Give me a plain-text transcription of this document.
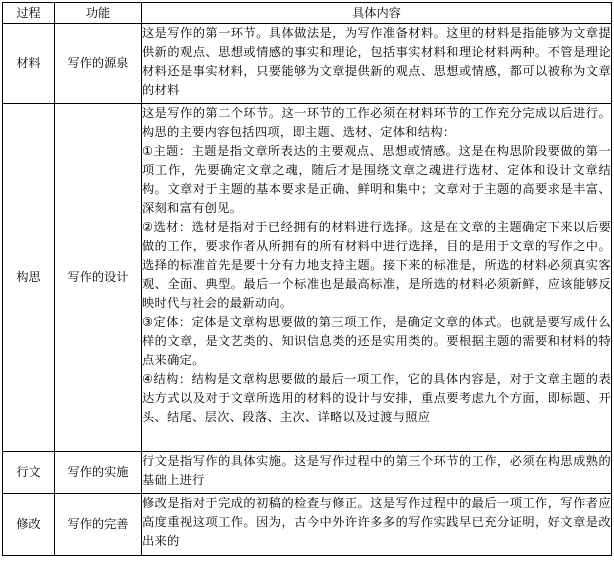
过程	功能	具体内容
材料	写作的源泉	这是写作的第一环节。具体做法是，为写作准备材料。这里的材料是指能够为文章提供新的观点、思想或情感的事实和理论，包括事实材料和理论材料两种。不管是理论材料还是事实材料，只要能够为文章提供新的观点、思想或情感，都可以被称为文章的材料

构思	写作的设计	这是写作的第二个环节。这一环节的工作必须在材料环节的工作充分完成以后进行。构思的主要内容包括四项，即主题、选材、定体和结构：
①主题：主题是指文章所表达的主要观点、思想或情感。这是在构思阶段要做的第一项工作，先要确定文章之魂，随后才是围绕文章之魂进行选材、定体和设计文章结构。文章对于主题的基本要求是正确、鲜明和集中；文章对于主题的高要求是丰富、深刻和富有创见。
②选材：选材是指对于已经拥有的材料进行选择。这是在文章的主题确定下来以后要做的工作，要求作者从所拥有的所有材料中进行选择，目的是用于文章的写作之中。选择的标准首先是要十分有力地支持主题。接下来的标准是，所选的材料必须真实客观、全面、典型。最后一个标准也是最高标准，是所选的材料必须新鲜，应该能够反映时代与社会的最新动向。
③定体：定体是文章构思要做的第三项工作，是确定文章的体式。也就是要写成什么样的文章，是文艺类的、知识信息类的还是实用类的。要根据主题的需要和材料的特点来确定。
④结构：结构是文章构思要做的最后一项工作，它的具体内容是，对于文章主题的表达方式以及对于文章所选用的材料的设计与安排，重点要考虑九个方面，即标题、开头、结尾、层次、段落、主次、详略以及过渡与照应

行文	写作的实施	行文是指写作的具体实施。这是写作过程中的第三个环节的工作，必须在构思成熟的基础上进行

修改	写作的完善	修改是指对于完成的初稿的检查与修正。这是写作过程中的最后一项工作，写作者应高度重视这项工作。因为，古今中外许许多多的写作实践早已充分证明，好文章是改出来的
